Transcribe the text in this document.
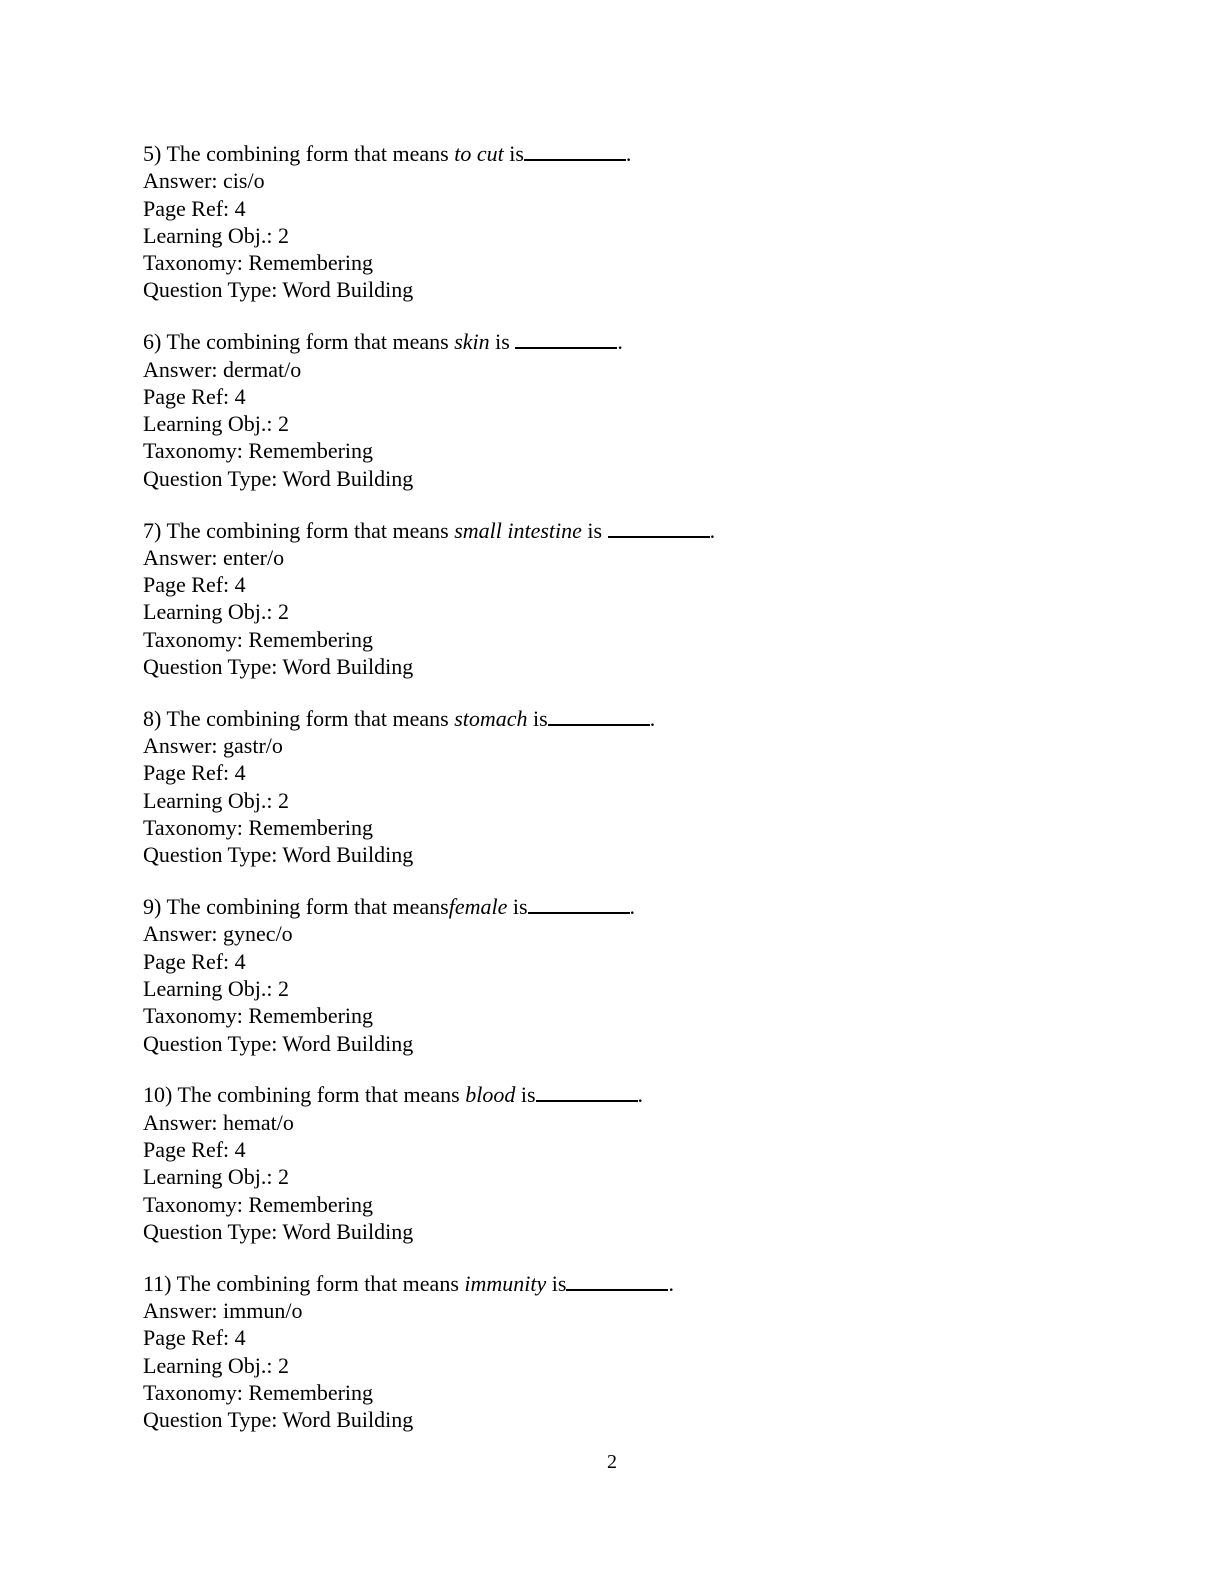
5) The combining form that means to cut is	.
Answer: cis/o
Page Ref: 4
Learning Obj.: 2
Taxonomy: Remembering
Question Type: Word Building
6) The combining form that means skin is	.
Answer: dermat/o
Page Ref: 4
Learning Obj.: 2
Taxonomy: Remembering
Question Type: Word Building
7) The combining form that means small intestine is	.
Answer: enter/o
Page Ref: 4
Learning Obj.: 2
Taxonomy: Remembering
Question Type: Word Building
8) The combining form that means stomach is	.
Answer: gastr/o
Page Ref: 4
Learning Obj.: 2
Taxonomy: Remembering
Question Type: Word Building
9) The combining form that meansfemale is	.
Answer: gynec/o
Page Ref: 4
Learning Obj.: 2
Taxonomy: Remembering
Question Type: Word Building
10) The combining form that means blood is	.
Answer: hemat/o
Page Ref: 4
Learning Obj.: 2
Taxonomy: Remembering
Question Type: Word Building
11) The combining form that means immunity is	.
Answer: immun/o
Page Ref: 4
Learning Obj.: 2
Taxonomy: Remembering
Question Type: Word Building
2
